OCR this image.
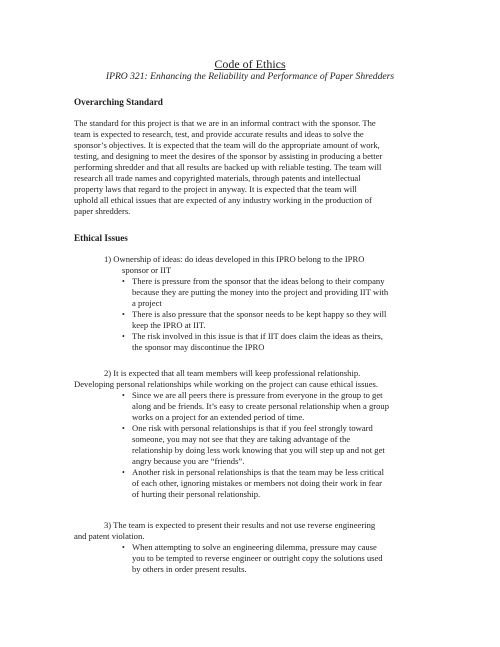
Code of Ethics
IPRO 321: Enhancing the Reliability and Performance of Paper Shredders
Overarching Standard
The standard for this project is that we are in an informal contract with the sponsor. The
team is expected to research, test, and provide accurate results and ideas to solve the
sponsor’s objectives. It is expected that the team will do the appropriate amount of work,
testing, and designing to meet the desires of the sponsor by assisting in producing a better
performing shredder and that all results are backed up with reliable testing. The team will
research all trade names and copyrighted materials, through patents and intellectual
property laws that regard to the project in anyway. It is expected that the team will
uphold all ethical issues that are expected of any industry working in the production of
paper shredders.
Ethical Issues
1) Ownership of ideas: do ideas developed in this IPRO belong to the IPRO
sponsor or IIT
• There is pressure from the sponsor that the ideas belong to their company
because they are putting the money into the project and providing IIT with
a project
• There is also pressure that the sponsor needs to be kept happy so they will
keep the IPRO at IIT.
• The risk involved in this issue is that if IIT does claim the ideas as theirs,
the sponsor may discontinue the IPRO
2) It is expected that all team members will keep professional relationship.
Developing personal relationships while working on the project can cause ethical issues.
• Since we are all peers there is pressure from everyone in the group to get
along and be friends. It’s easy to create personal relationship when a group
works on a project for an extended period of time.
• One risk with personal relationships is that if you feel strongly toward
someone, you may not see that they are taking advantage of the
relationship by doing less work knowing that you will step up and not get
angry because you are “friends”.
• Another risk in personal relationships is that the team may be less critical
of each other, ignoring mistakes or members not doing their work in fear
of hurting their personal relationship.
3) The team is expected to present their results and not use reverse engineering
and patent violation.
• When attempting to solve an engineering dilemma, pressure may cause
you to be tempted to reverse engineer or outright copy the solutions used
by others in order present results.
